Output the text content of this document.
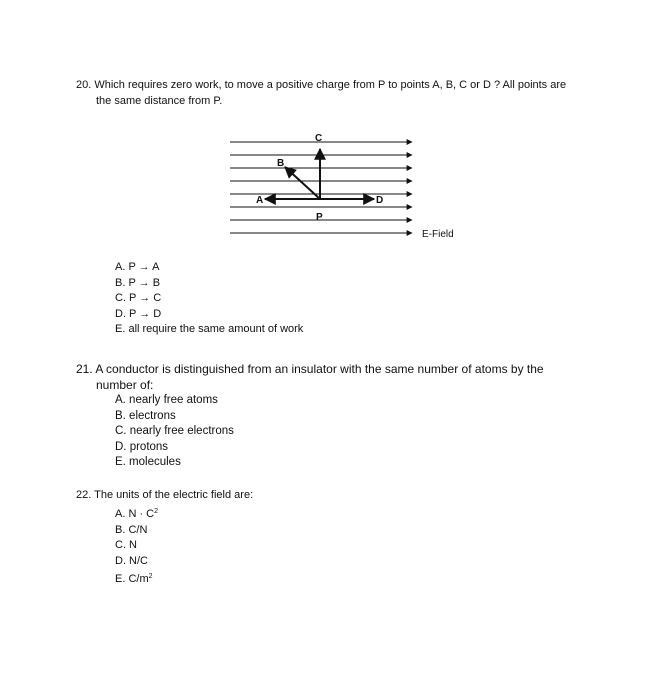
20. Which requires zero work, to move a positive charge from P to points A, B, C or D ? All points are
the same distance from P.
C
B
A	D
P
E-Field
A. P → A
B. P → B
C. P → C
D. P → D
E. all require the same amount of work
21. A conductor is distinguished from an insulator with the same number of atoms by the
number of:
A. nearly free atoms
B. electrons
C. nearly free electrons
D. protons
E. molecules
22. The units of the electric field are:
A. $N \cdot C^2$
B. C/N
C. N
D. N/C
E. $C/m^2$
